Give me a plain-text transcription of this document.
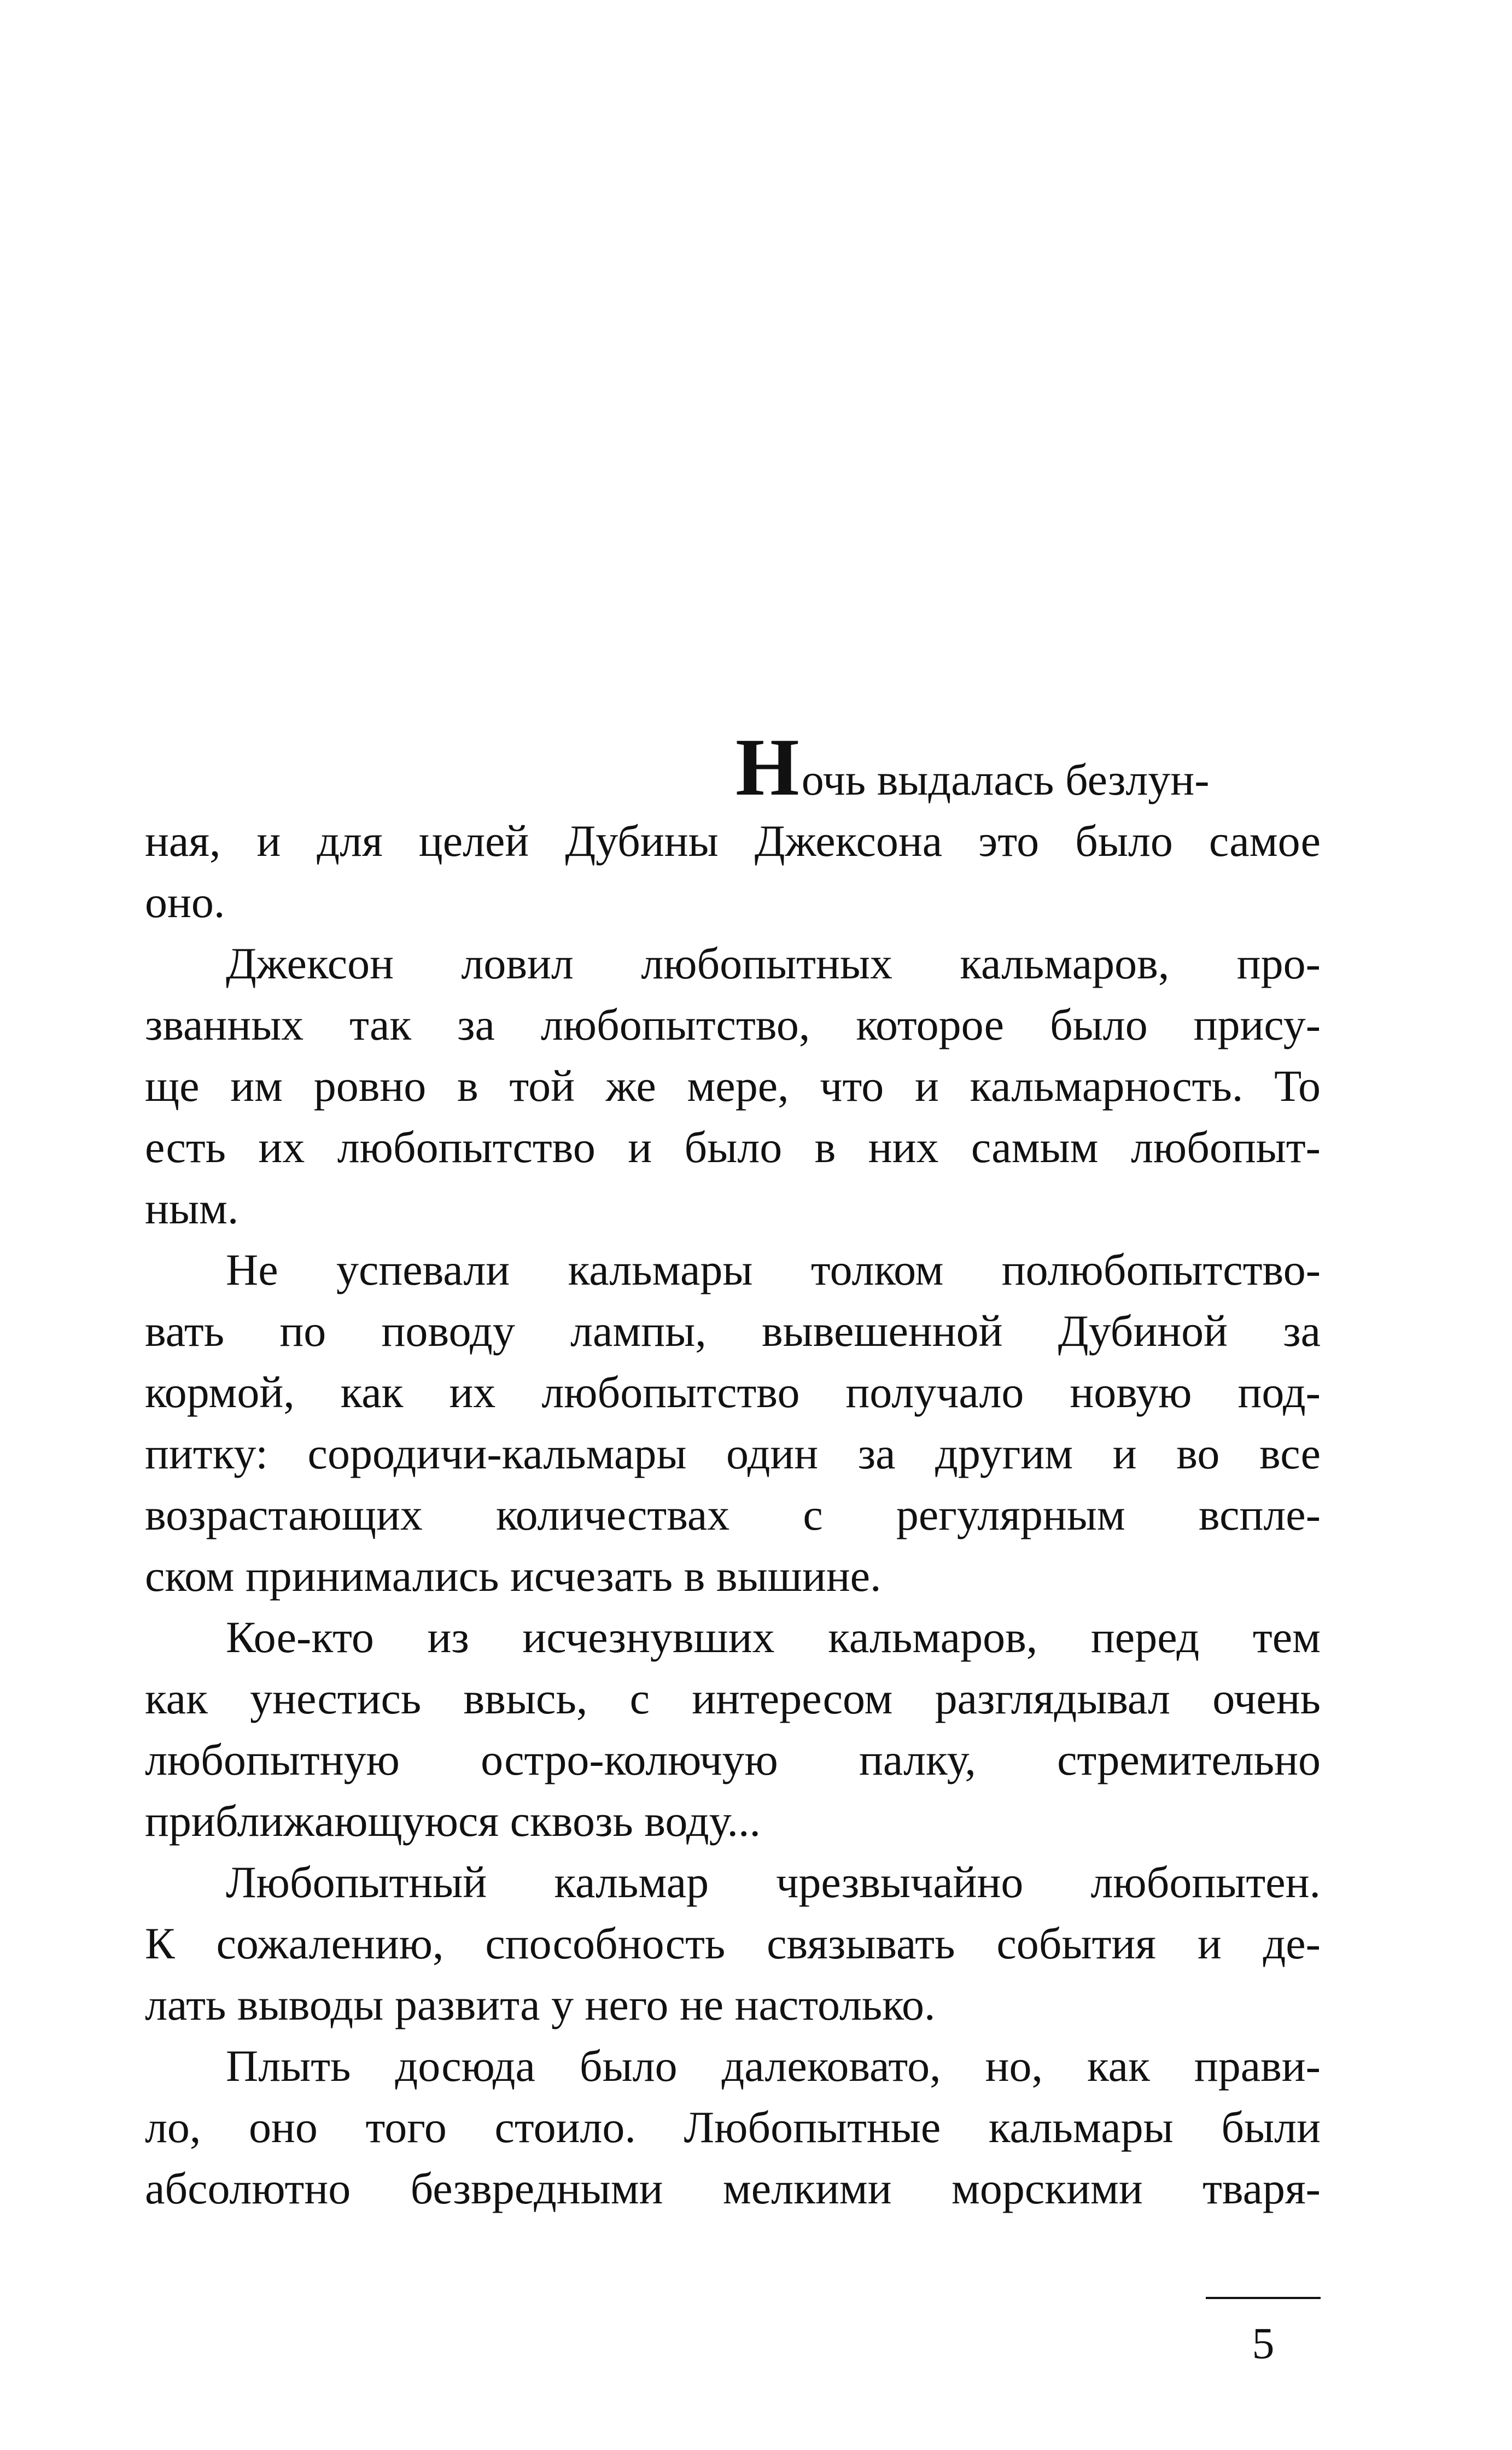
Ночь выдалась безлун-
ная, и для целей Дубины Джексона это было самое
оно.
Джексон ловил любопытных кальмаров, про-
званных так за любопытство, которое было прису-
ще им ровно в той же мере, что и кальмарность. То
есть их любопытство и было в них самым любопыт-
ным.
Не успевали кальмары толком полюбопытство-
вать по поводу лампы, вывешенной Дубиной за
кормой, как их любопытство получало новую под-
питку: сородичи-кальмары один за другим и во все
возрастающих количествах с регулярным вспле-
ском принимались исчезать в вышине.
Кое-кто из исчезнувших кальмаров, перед тем
как унестись ввысь, с интересом разглядывал очень
любопытную остро-колючую палку, стремительно
приближающуюся сквозь воду...
Любопытный кальмар чрезвычайно любопытен.
К сожалению, способность связывать события и де-
лать выводы развита у него не настолько.
Плыть досюда было далековато, но, как прави-
ло, оно того стоило. Любопытные кальмары были
абсолютно безвредными мелкими морскими тваря-
5
